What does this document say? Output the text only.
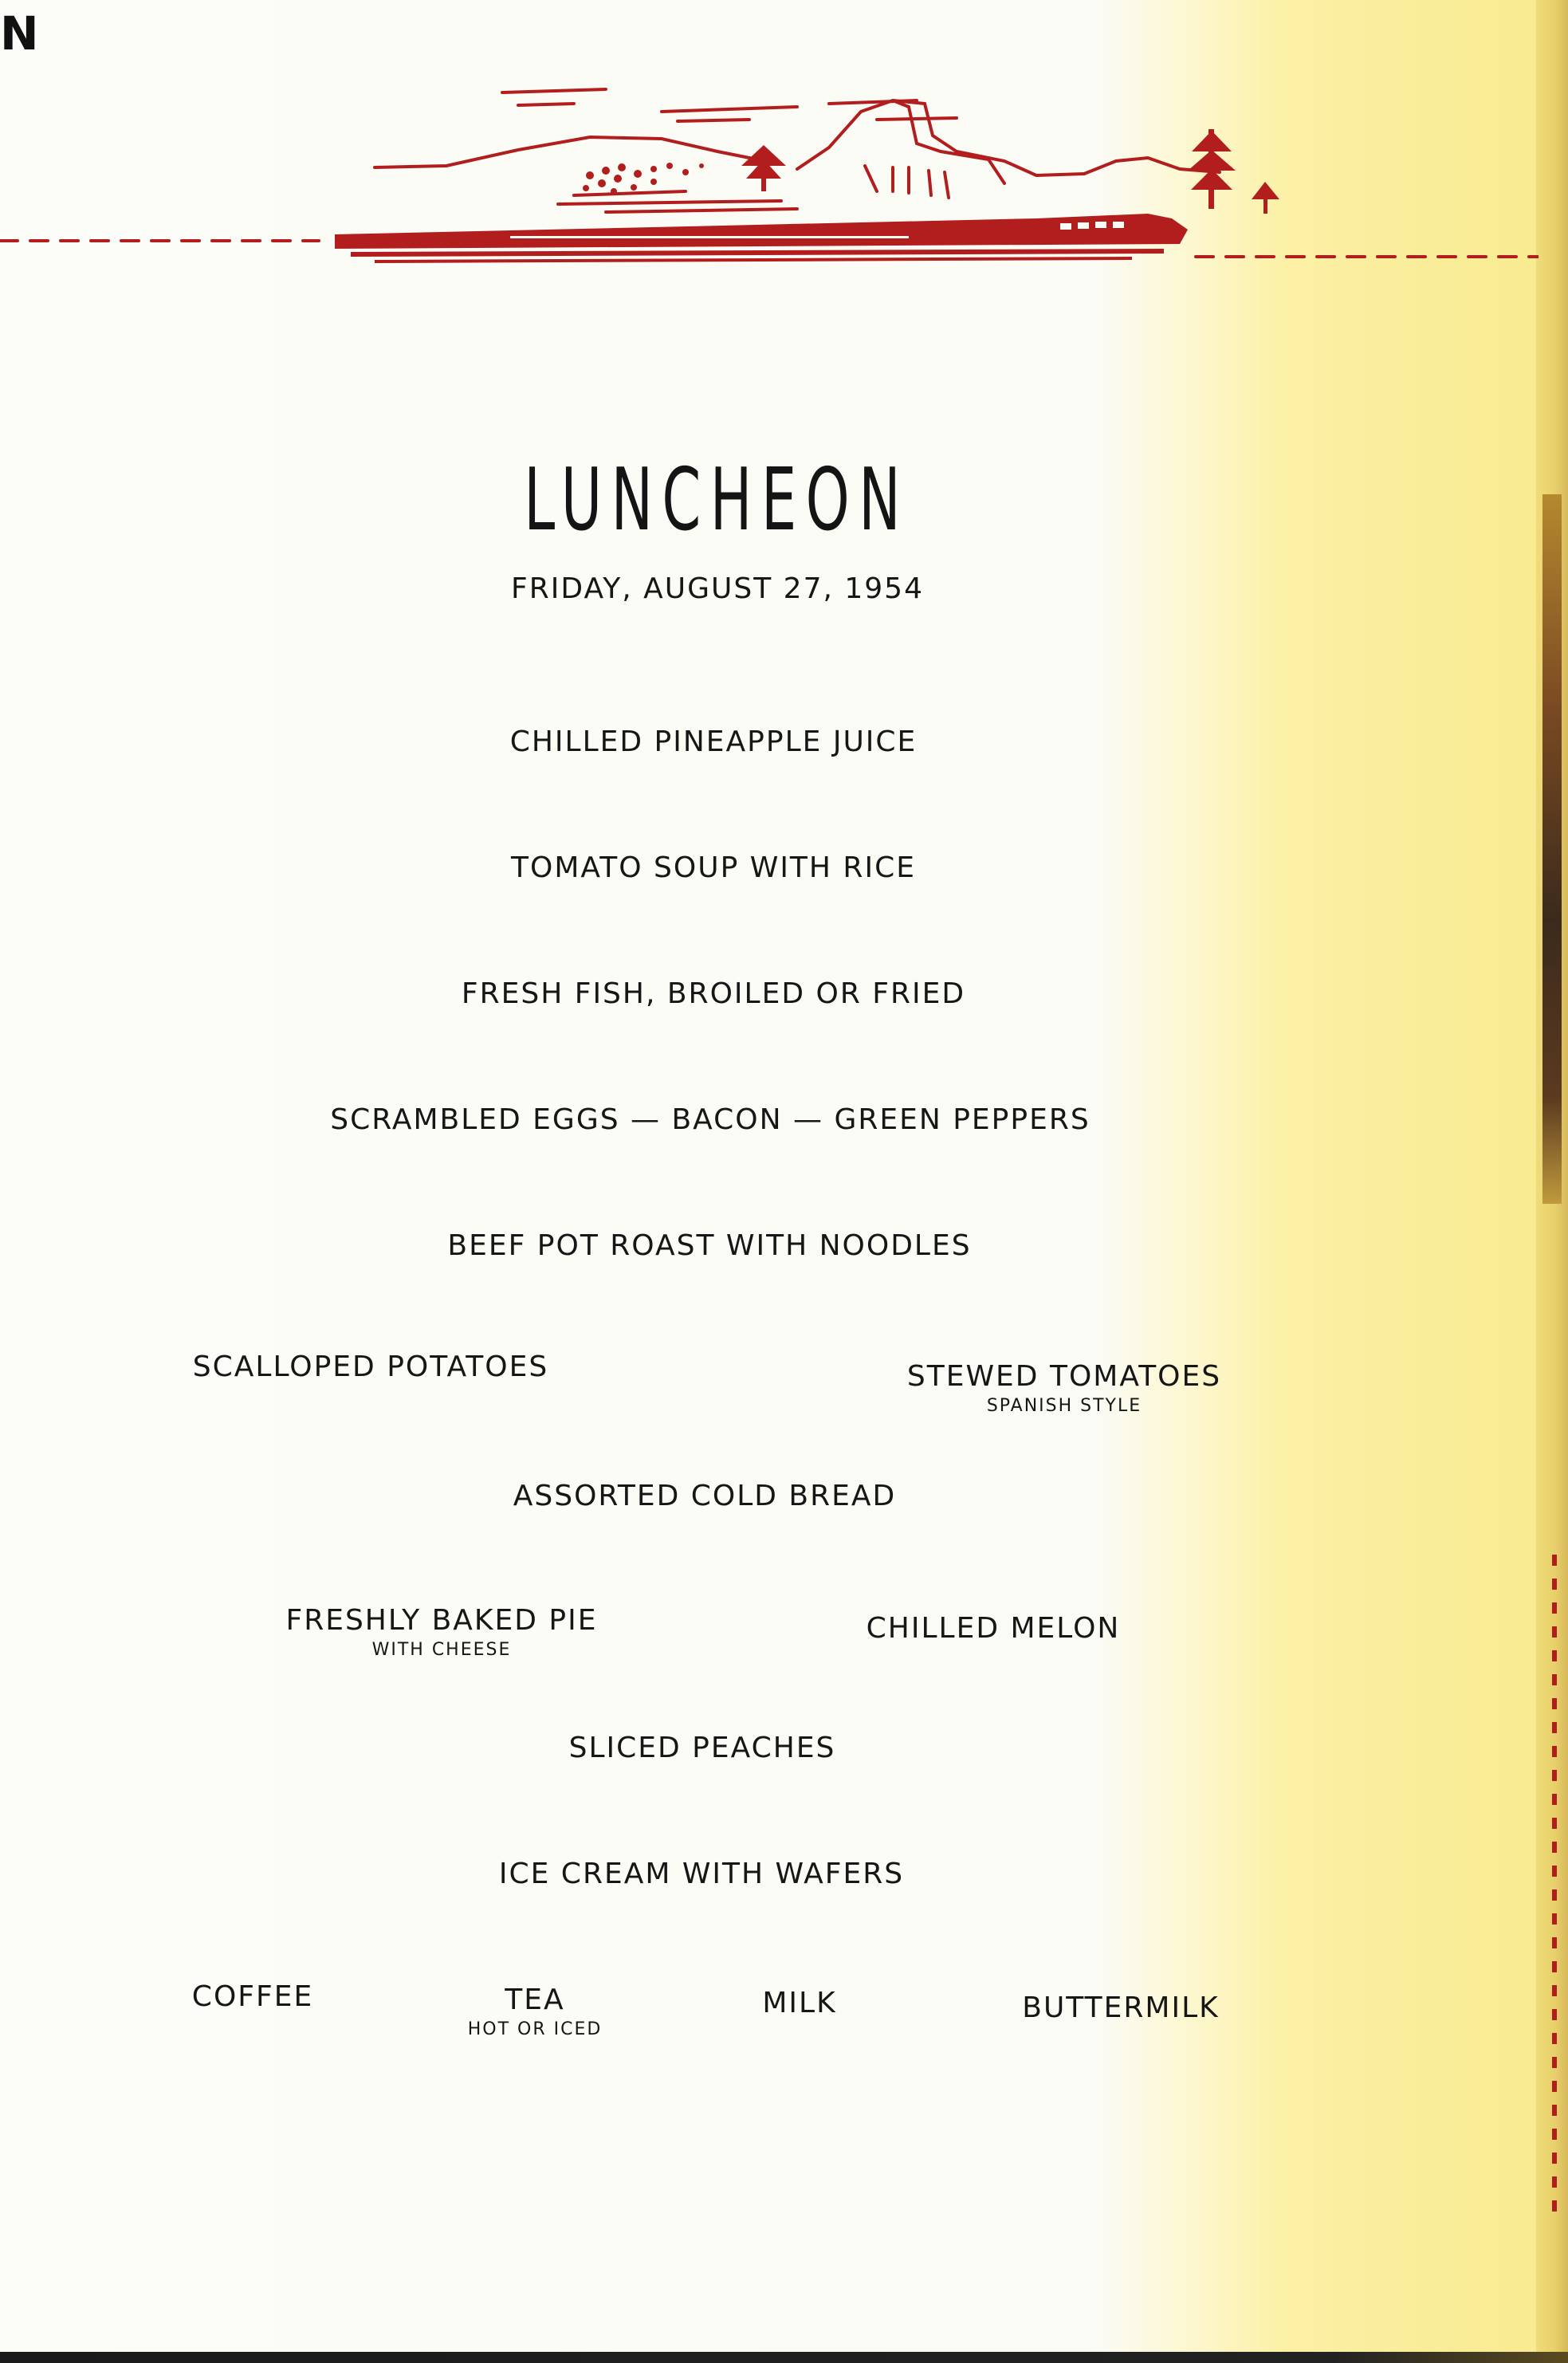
N
LUNCHEON
FRIDAY, AUGUST 27, 1954
CHILLED PINEAPPLE JUICE
TOMATO SOUP WITH RICE
FRESH FISH, BROILED OR FRIED
SCRAMBLED EGGS — BACON — GREEN PEPPERS
BEEF POT ROAST WITH NOODLES
SCALLOPED POTATOES	STEWED TOMATOES
SPANISH STYLE
ASSORTED COLD BREAD
FRESHLY BAKED PIE
WITH CHEESE
CHILLED MELON
SLICED PEACHES
ICE CREAM WITH WAFERS
COFFEE	TEA
HOT OR ICED
MILK	BUTTERMILK
